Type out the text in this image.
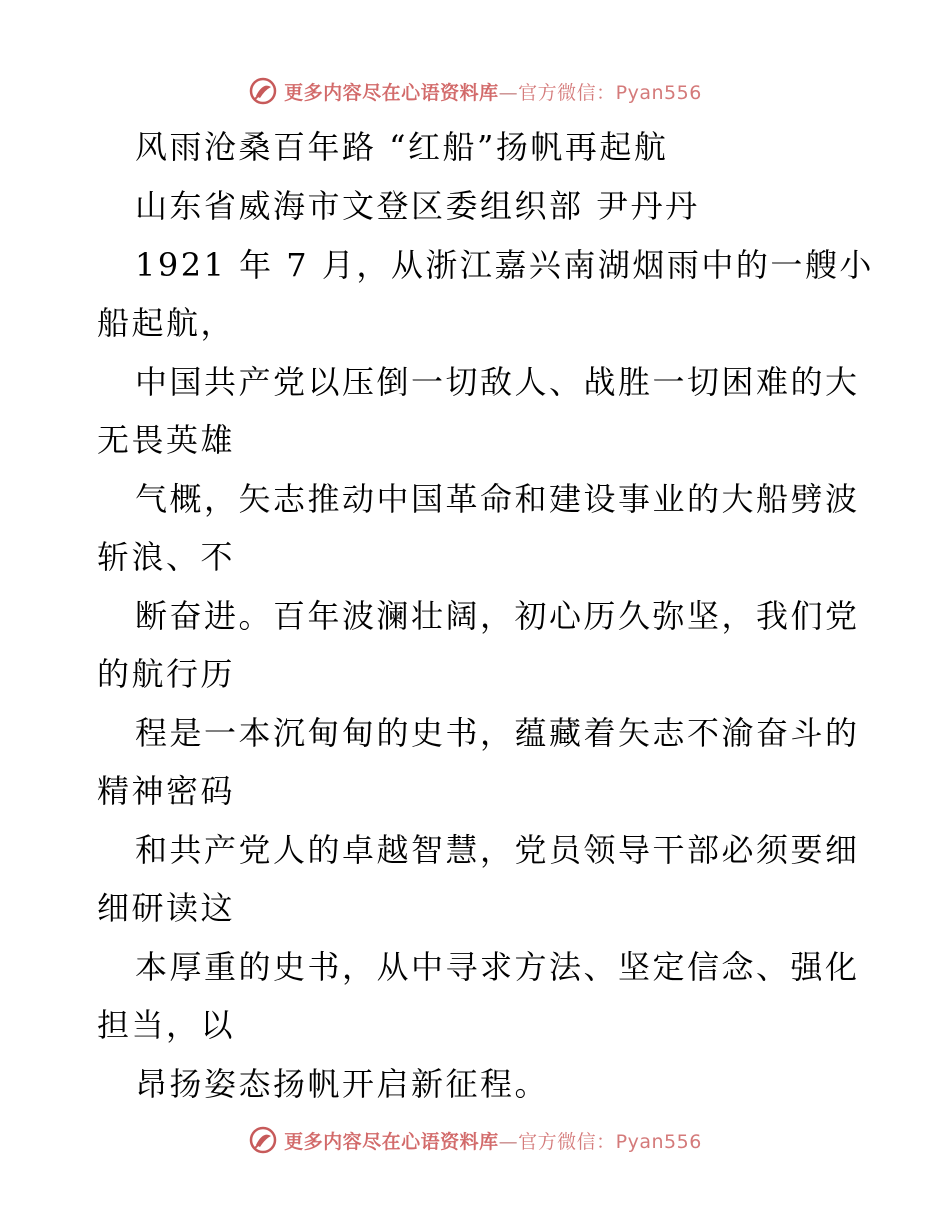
更多内容尽在心语资料库—官方微信：Pyan556
风雨沧桑百年路 “红船”扬帆再起航
山东省威海市文登区委组织部 尹丹丹
1921 年 7 月，从浙江嘉兴南湖烟雨中的一艘小
船起航，
中国共产党以压倒一切敌人、战胜一切困难的大
无畏英雄
气概，矢志推动中国革命和建设事业的大船劈波
斩浪、不
断奋进。百年波澜壮阔，初心历久弥坚，我们党
的航行历
程是一本沉甸甸的史书，蕴藏着矢志不渝奋斗的
精神密码
和共产党人的卓越智慧，党员领导干部必须要细
细研读这
本厚重的史书，从中寻求方法、坚定信念、强化
担当，以
昂扬姿态扬帆开启新征程。
更多内容尽在心语资料库—官方微信：Pyan556
